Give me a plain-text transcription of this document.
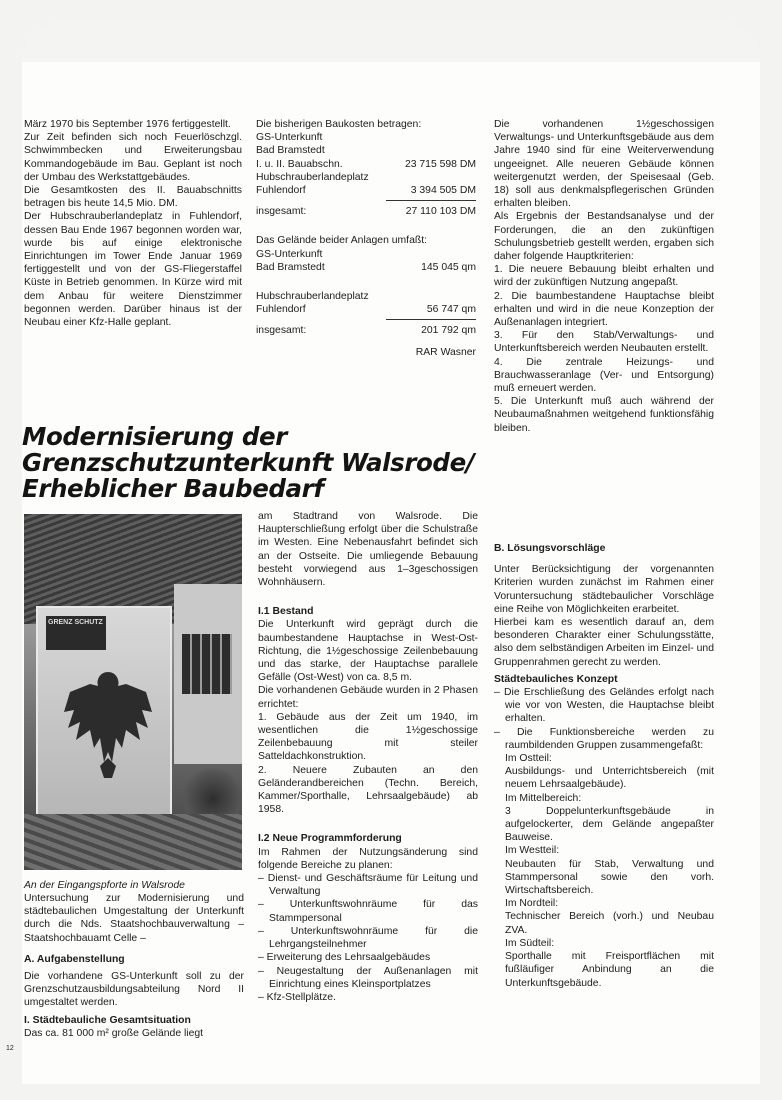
März 1970 bis September 1976 fertiggestellt.

Zur Zeit befinden sich noch Feuerlöschzgl. Schwimmbecken und Erweiterungsbau Kommandogebäude im Bau. Geplant ist noch der Umbau des Werkstattgebäudes.

Die Gesamtkosten des II. Bauabschnitts betragen bis heute 14,5 Mio. DM.

Der Hubschrauberlandeplatz in Fuhlendorf, dessen Bau Ende 1967 begonnen worden war, wurde bis auf einige elektronische Einrichtungen im Tower Ende Januar 1969 fertiggestellt und von der GS-Fliegerstaffel Küste in Betrieb genommen. In Kürze wird mit dem Anbau für weitere Dienstzimmer begonnen werden. Darüber hinaus ist der Neubau einer Kfz-Halle geplant.

Die bisherigen Baukosten betragen:

GS-Unterkunft

Bad Bramstedt

I. u. II. Bauabschn.	23 715 598 DM

Hubschrauberlandeplatz

Fuhlendorf	3 394 505 DM
insgesamt:	27 110 103 DM

Das Gelände beider Anlagen umfaßt:

GS-Unterkunft

Bad Bramstedt	145 045 qm

Hubschrauberlandeplatz

Fuhlendorf	56 747 qm
insgesamt:	201 792 qm

RAR Wasner

Die vorhandenen 1½geschossigen Verwaltungs- und Unterkunftsgebäude aus dem Jahre 1940 sind für eine Weiterverwendung ungeeignet. Alle neueren Gebäude können weitergenutzt werden, der Speisesaal (Geb. 18) soll aus denkmalspflegerischen Gründen erhalten bleiben.

Als Ergebnis der Bestandsanalyse und der Forderungen, die an den zukünftigen Schulungsbetrieb gestellt werden, ergaben sich daher folgende Hauptkriterien:

1. Die neuere Bebauung bleibt erhalten und wird der zukünftigen Nutzung angepaßt.

2. Die baumbestandene Hauptachse bleibt erhalten und wird in die neue Konzeption der Außenanlagen integriert.

3. Für den Stab/Verwaltungs- und Unterkunftsbereich werden Neubauten erstellt.

4. Die zentrale Heizungs- und Brauchwasseranlage (Ver- und Entsorgung) muß erneuert werden.

5. Die Unterkunft muß auch während der Neubaumaßnahmen weitgehend funktionsfähig bleiben.

Modernisierung der
Grenzschutzunterkunft Walsrode/
Erheblicher Baubedarf
GRENZ SCHUTZ
An der Eingangspforte in Walsrode

Untersuchung zur Modernisierung und städtebaulichen Umgestaltung der Unterkunft durch die Nds. Staatshochbauverwaltung – Staatshochbauamt Celle –

A. Aufgabenstellung

Die vorhandene GS-Unterkunft soll zu der Grenzschutzausbildungsabteilung Nord II umgestaltet werden.

I. Städtebauliche Gesamtsituation

Das ca. 81 000 m² große Gelände liegt

am Stadtrand von Walsrode. Die Haupterschließung erfolgt über die Schulstraße im Westen. Eine Nebenausfahrt befindet sich an der Ostseite. Die umliegende Bebauung besteht vorwiegend aus 1–3geschossigen Wohnhäusern.

I.1 Bestand

Die Unterkunft wird geprägt durch die baumbestandene Hauptachse in West-Ost-Richtung, die 1½geschossige Zeilenbebauung und das starke, der Hauptachse parallele Gefälle (Ost-West) von ca. 8,5 m.

Die vorhandenen Gebäude wurden in 2 Phasen errichtet:

1. Gebäude aus der Zeit um 1940, im wesentlichen die 1½geschossige Zeilenbebauung mit steiler Satteldachkonstruktion.

2. Neuere Zubauten an den Geländerandbereichen (Techn. Bereich, Kammer/Sporthalle, Lehrsaalgebäude) ab 1958.

I.2 Neue Programmforderung

Im Rahmen der Nutzungsänderung sind folgende Bereiche zu planen:

– Dienst- und Geschäftsräume für Leitung und Verwaltung
– Unterkunftswohnräume für das Stammpersonal
– Unterkunftswohnräume für die Lehrgangsteilnehmer
– Erweiterung des Lehrsaalgebäudes
– Neugestaltung der Außenanlagen mit Einrichtung eines Kleinsportplatzes
– Kfz-Stellplätze.

B. Lösungsvorschläge

Unter Berücksichtigung der vorgenannten Kriterien wurden zunächst im Rahmen einer Voruntersuchung städtebaulicher Vorschläge eine Reihe von Möglichkeiten erarbeitet.

Hierbei kam es wesentlich darauf an, dem besonderen Charakter einer Schulungsstätte, also dem selbständigen Arbeiten im Einzel- und Gruppenrahmen gerecht zu werden.

Städtebauliches Konzept

– Die Erschließung des Geländes erfolgt nach wie vor von Westen, die Hauptachse bleibt erhalten.
– Die Funktionsbereiche werden zu raumbildenden Gruppen zusammengefaßt:

Im Ostteil:

Ausbildungs- und Unterrichtsbereich (mit neuem Lehrsaalgebäude).

Im Mittelbereich:

3 Doppelunterkunftsgebäude in aufgelockerter, dem Gelände angepaßter Bauweise.

Im Westteil:

Neubauten für Stab, Verwaltung und Stammpersonal sowie den vorh. Wirtschaftsbereich.

Im Nordteil:

Technischer Bereich (vorh.) und Neubau ZVA.

Im Südteil:

Sporthalle mit Freisportflächen mit fußläufiger Anbindung an die Unterkunftsgebäude.

12
